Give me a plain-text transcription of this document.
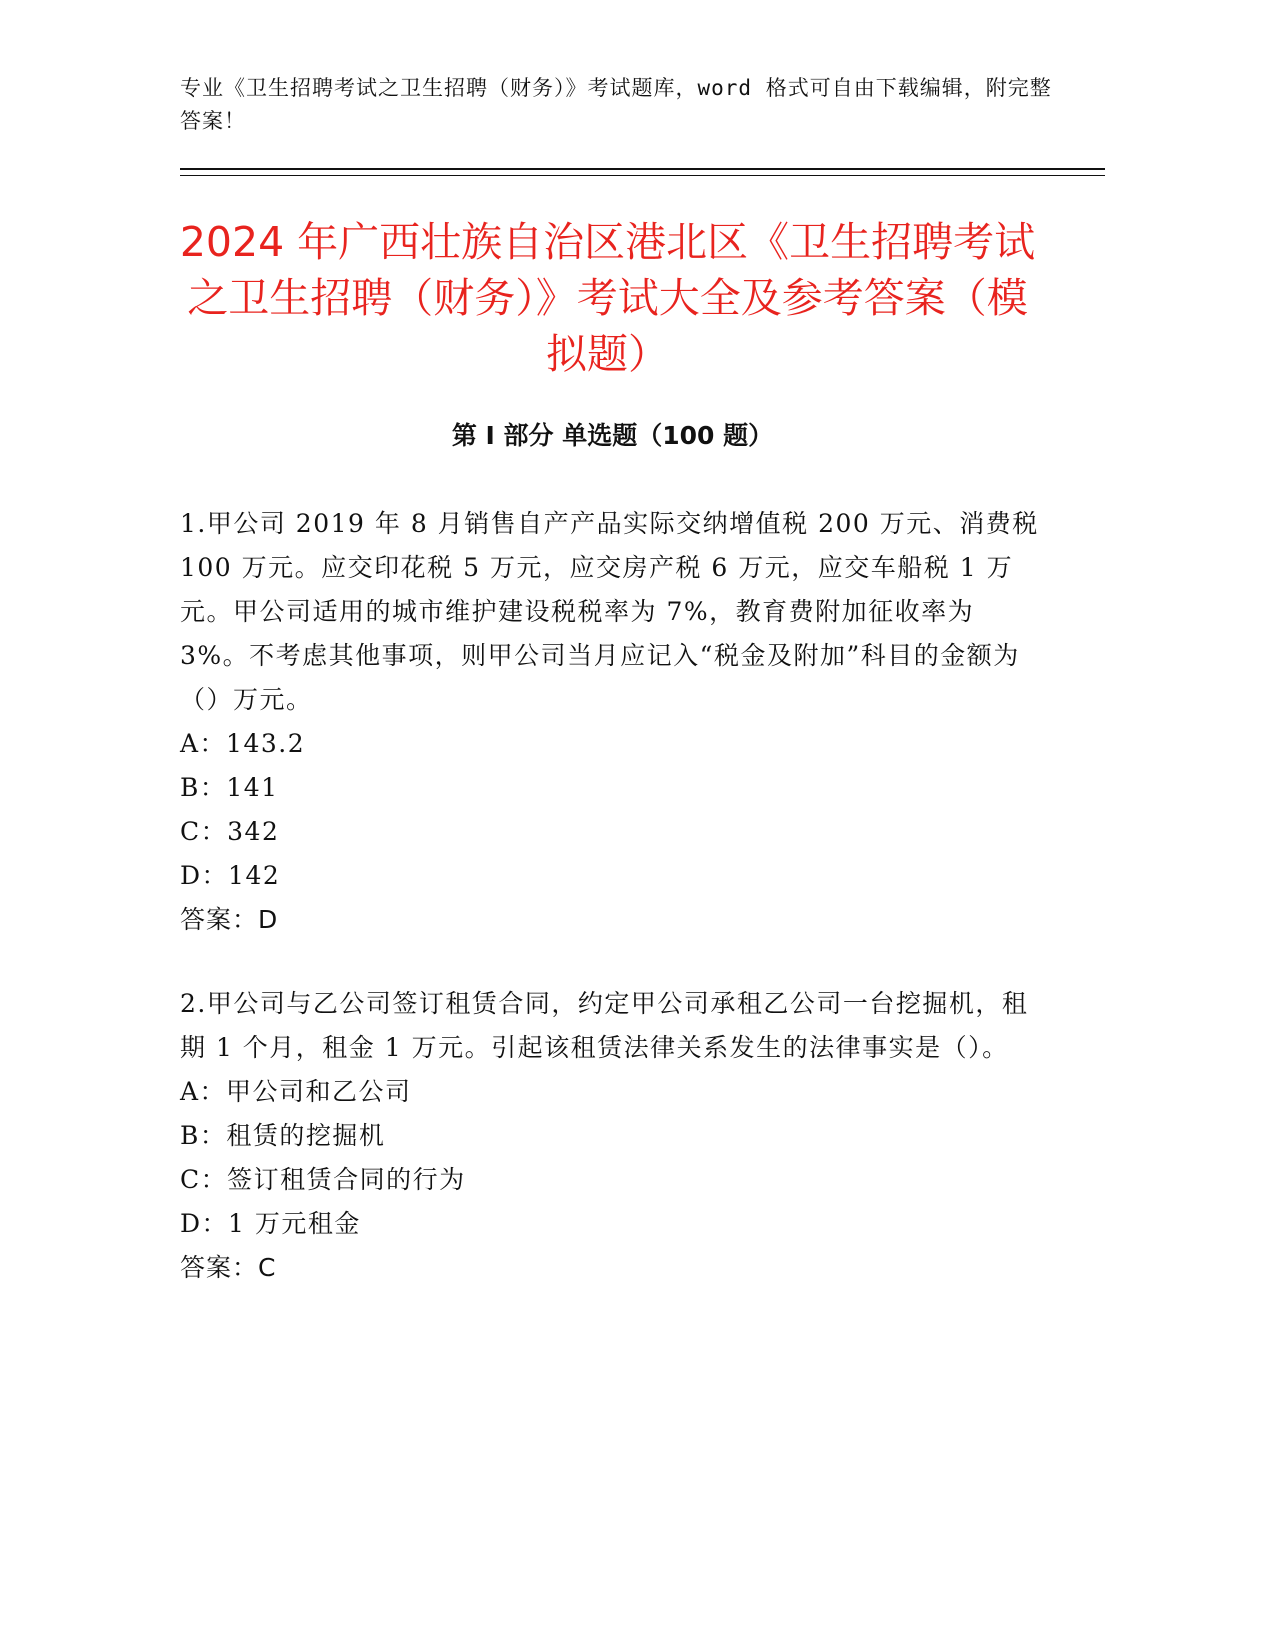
专业《卫生招聘考试之卫生招聘（财务）》考试题库，word 格式可自由下载编辑，附完整答案！
2024 年广西壮族自治区港北区《卫生招聘考试之卫生招聘（财务）》考试大全及参考答案（模拟题）
第 I 部分 单选题（100 题）

1.甲公司 2019 年 8 月销售自产产品实际交纳增值税 200 万元、消费税 100 万元。应交印花税 5 万元，应交房产税 6 万元，应交车船税 1 万元。甲公司适用的城市维护建设税税率为 7%，教育费附加征收率为 3%。不考虑其他事项，则甲公司当月应记入“税金及附加”科目的金额为（）万元。

A：143.2

B：141

C：342

D：142

答案：D

2.甲公司与乙公司签订租赁合同，约定甲公司承租乙公司一台挖掘机，租期 1 个月，租金 1 万元。引起该租赁法律关系发生的法律事实是（）。

A：甲公司和乙公司

B：租赁的挖掘机

C：签订租赁合同的行为

D：1 万元租金

答案：C
